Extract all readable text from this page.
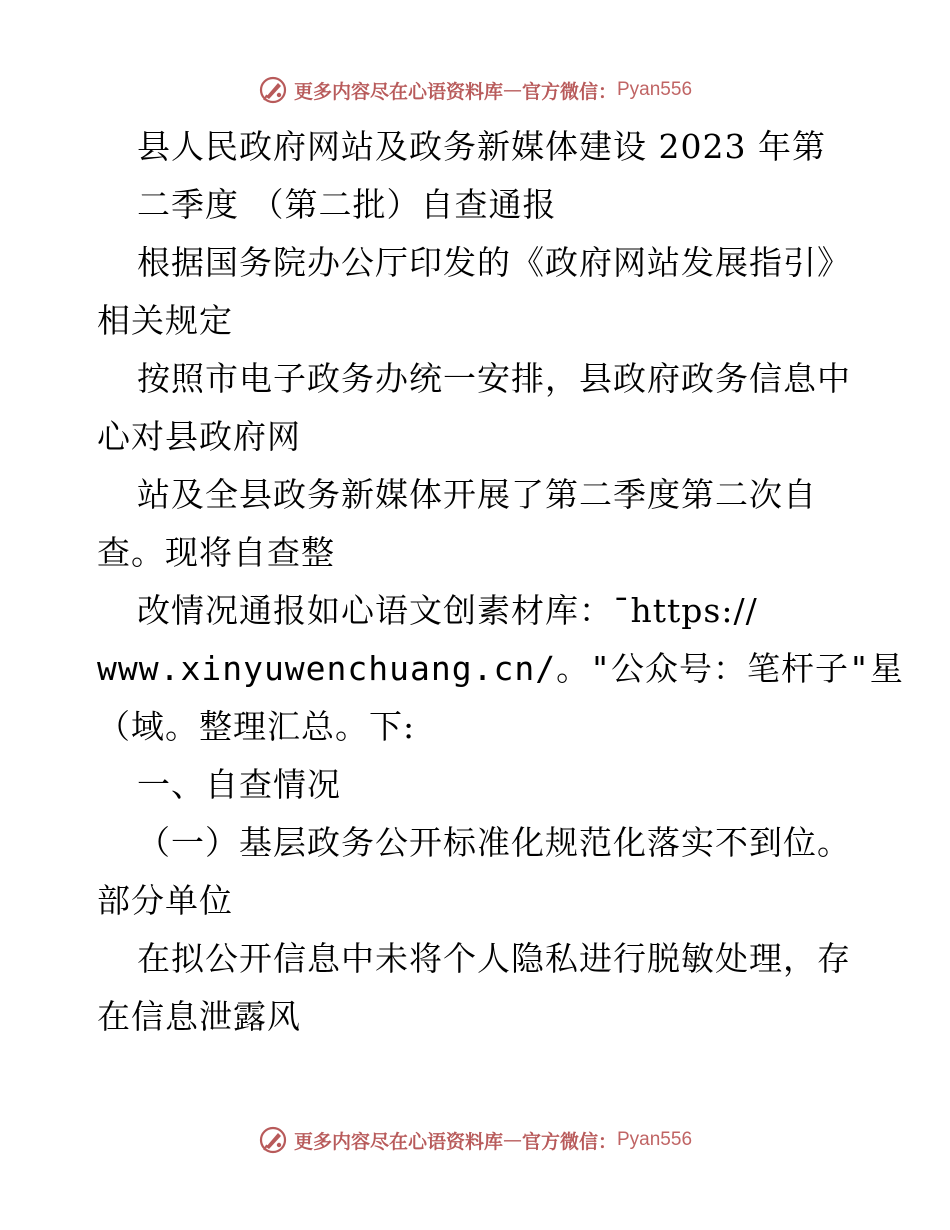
更多内容尽在心语资料库 — 官方微信： Pyan556
县人民政府网站及政务新媒体建设 2023 年第
二季度 （第二批）自查通报
根据国务院办公厅印发的《政府网站发展指引》
相关规定
按照市电子政务办统一安排，县政府政务信息中
心对县政府网
站及全县政务新媒体开展了第二季度第二次自
查。现将自查整
改情况通报如心语文创素材库：¯https://
www.xinyuwenchuang.cn/。"公众号：笔杆子"星
（域。整理汇总。下:
一、自查情况
（一）基层政务公开标准化规范化落实不到位。
部分单位
在拟公开信息中未将个人隐私进行脱敏处理，存
在信息泄露风
更多内容尽在心语资料库 — 官方微信： Pyan556
